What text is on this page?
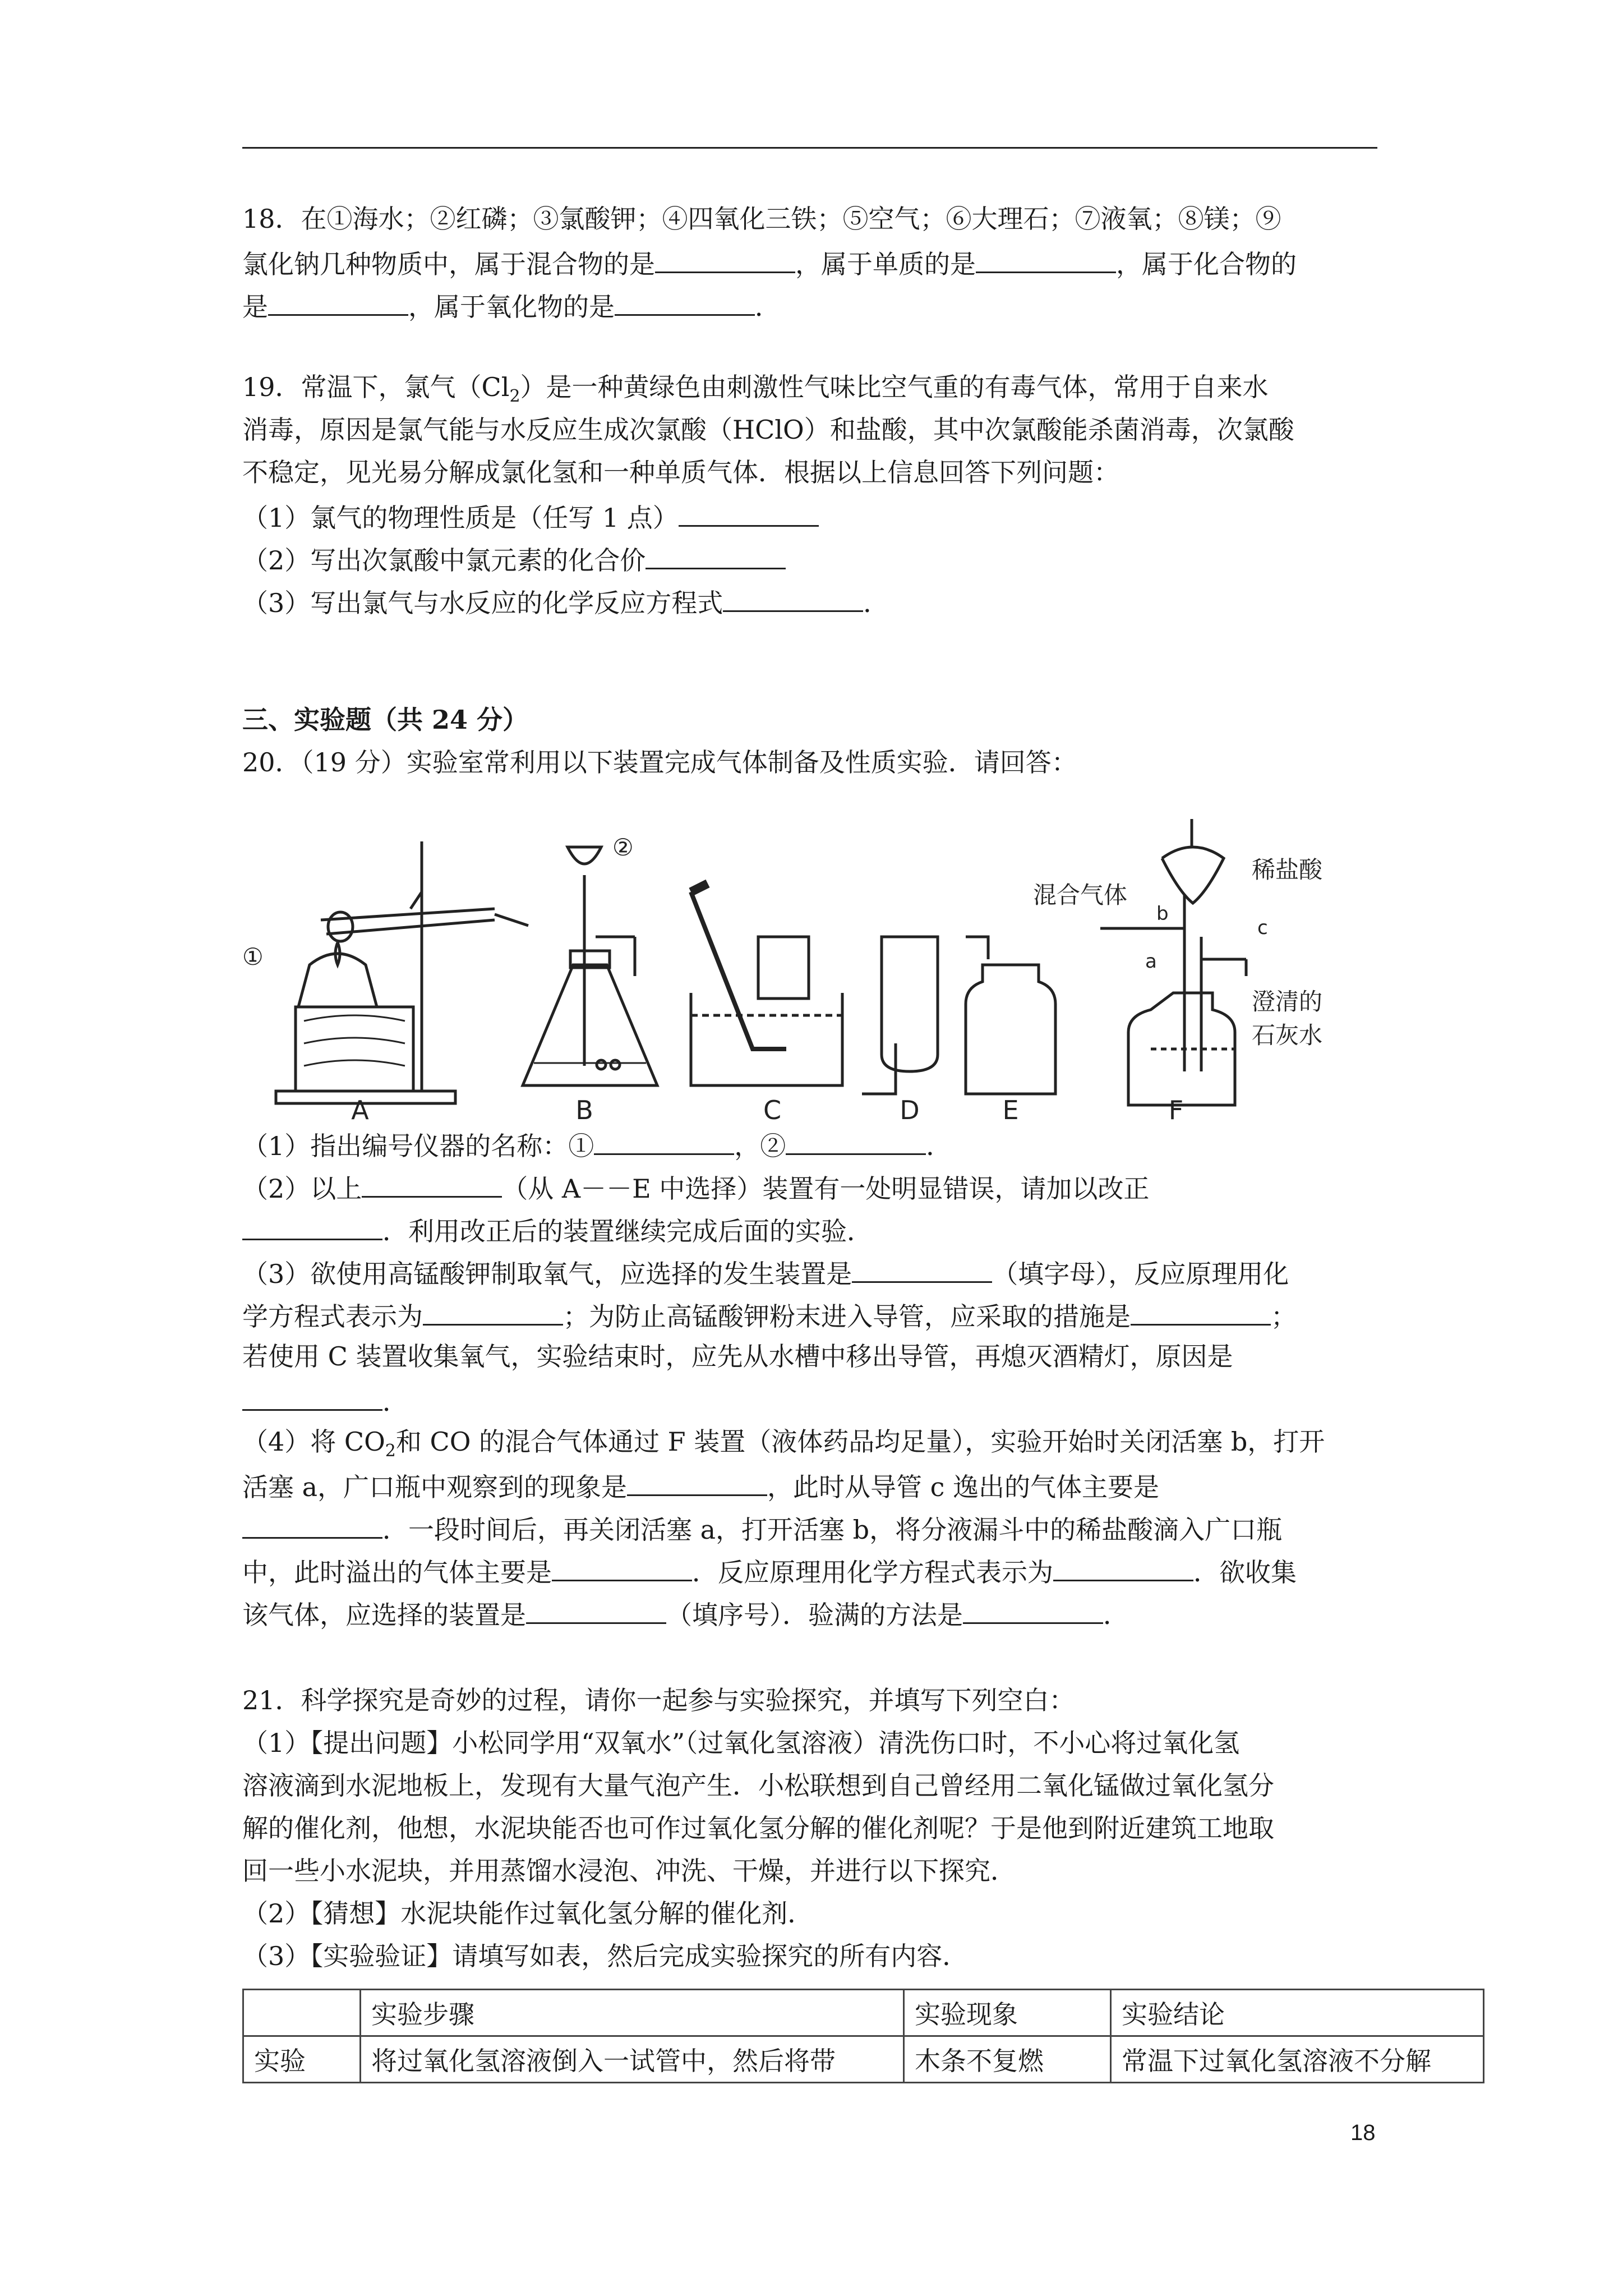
18．在①海水；②红磷；③氯酸钾；④四氧化三铁；⑤空气；⑥大理石；⑦液氧；⑧镁；⑨
氯化钠几种物质中，属于混合物的是	，属于单质的是	，属于化合物的
是	，属于氧化物的是	．
19．常温下，氯气$(Cl_2)$是一种黄绿色由刺激性气味比空气重的有毒气体，常用于自来水
消毒，原因是氯气能与水反应生成次氯酸（HClO）和盐酸，其中次氯酸能杀菌消毒，次氯酸
不稳定，见光易分解成氯化氢和一种单质气体．根据以上信息回答下列问题：
（1）氯气的物理性质是（任写 1 点）
（2）写出次氯酸中氯元素的化合价
（3）写出氯气与水反应的化学反应方程式	．
三、实验题（共 24 分）
20．（19 分）实验室常利用以下装置完成气体制备及性质实验．请回答：
A	B	C	D	E	F
①
②
混合气体
稀盐酸
澄清的
石灰水
a
b
c
（1）指出编号仪器的名称：①	，②	．
（2）以上	（从 A－－E 中选择）装置有一处明显错误，请加以改正
．利用改正后的装置继续完成后面的实验．
（3）欲使用高锰酸钾制取氧气，应选择的发生装置是	（填字母），反应原理用化
学方程式表示为	；为防止高锰酸钾粉末进入导管，应采取的措施是	；
若使用 C 装置收集氧气，实验结束时，应先从水槽中移出导管，再熄灭酒精灯，原因是
．
（4）将 $CO_2$和 CO 的混合气体通过 F 装置（液体药品均足量），实验开始时关闭活塞 b，打开
活塞 a，广口瓶中观察到的现象是	，此时从导管 c 逸出的气体主要是
．一段时间后，再关闭活塞 a，打开活塞 b，将分液漏斗中的稀盐酸滴入广口瓶
中，此时溢出的气体主要是	．反应原理用化学方程式表示为	．欲收集
该气体，应选择的装置是	（填序号）．验满的方法是	．
21．科学探究是奇妙的过程，请你一起参与实验探究，并填写下列空白：
（1）【提出问题】小松同学用“双氧水”（过氧化氢溶液）清洗伤口时，不小心将过氧化氢
溶液滴到水泥地板上，发现有大量气泡产生．小松联想到自己曾经用二氧化锰做过氧化氢分
解的催化剂，他想，水泥块能否也可作过氧化氢分解的催化剂呢？于是他到附近建筑工地取
回一些小水泥块，并用蒸馏水浸泡、冲洗、干燥，并进行以下探究．
（2）【猜想】水泥块能作过氧化氢分解的催化剂．
（3）【实验验证】请填写如表，然后完成实验探究的所有内容．
	实验步骤	实验现象	实验结论
实验	将过氧化氢溶液倒入一试管中，然后将带	木条不复燃	常温下过氧化氢溶液不分解
18
